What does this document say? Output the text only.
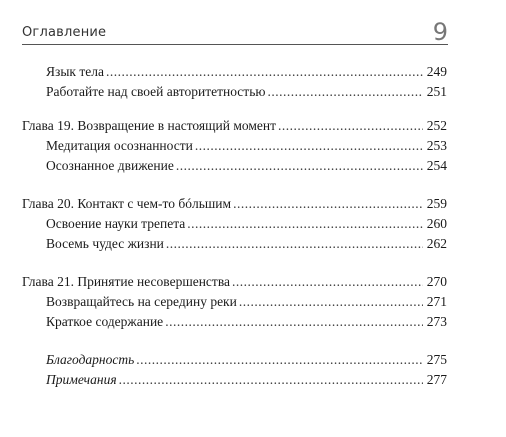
Оглавление	9
Язык тела .....	249
Работайте над своей авторитетностью .....	251
Глава 19. Возвращение в настоящий момент .....	252
Медитация осознанности .....	253
Осознанное движение .....	254
Глава 20. Контакт с чем-то бóльшим .....	259
Освоение науки трепета .....	260
Восемь чудес жизни .....	262
Глава 21. Принятие несовершенства .....	270
Возвращайтесь на середину реки .....	271
Краткое содержание .....	273
Благодарность .....	275
Примечания .....	277
